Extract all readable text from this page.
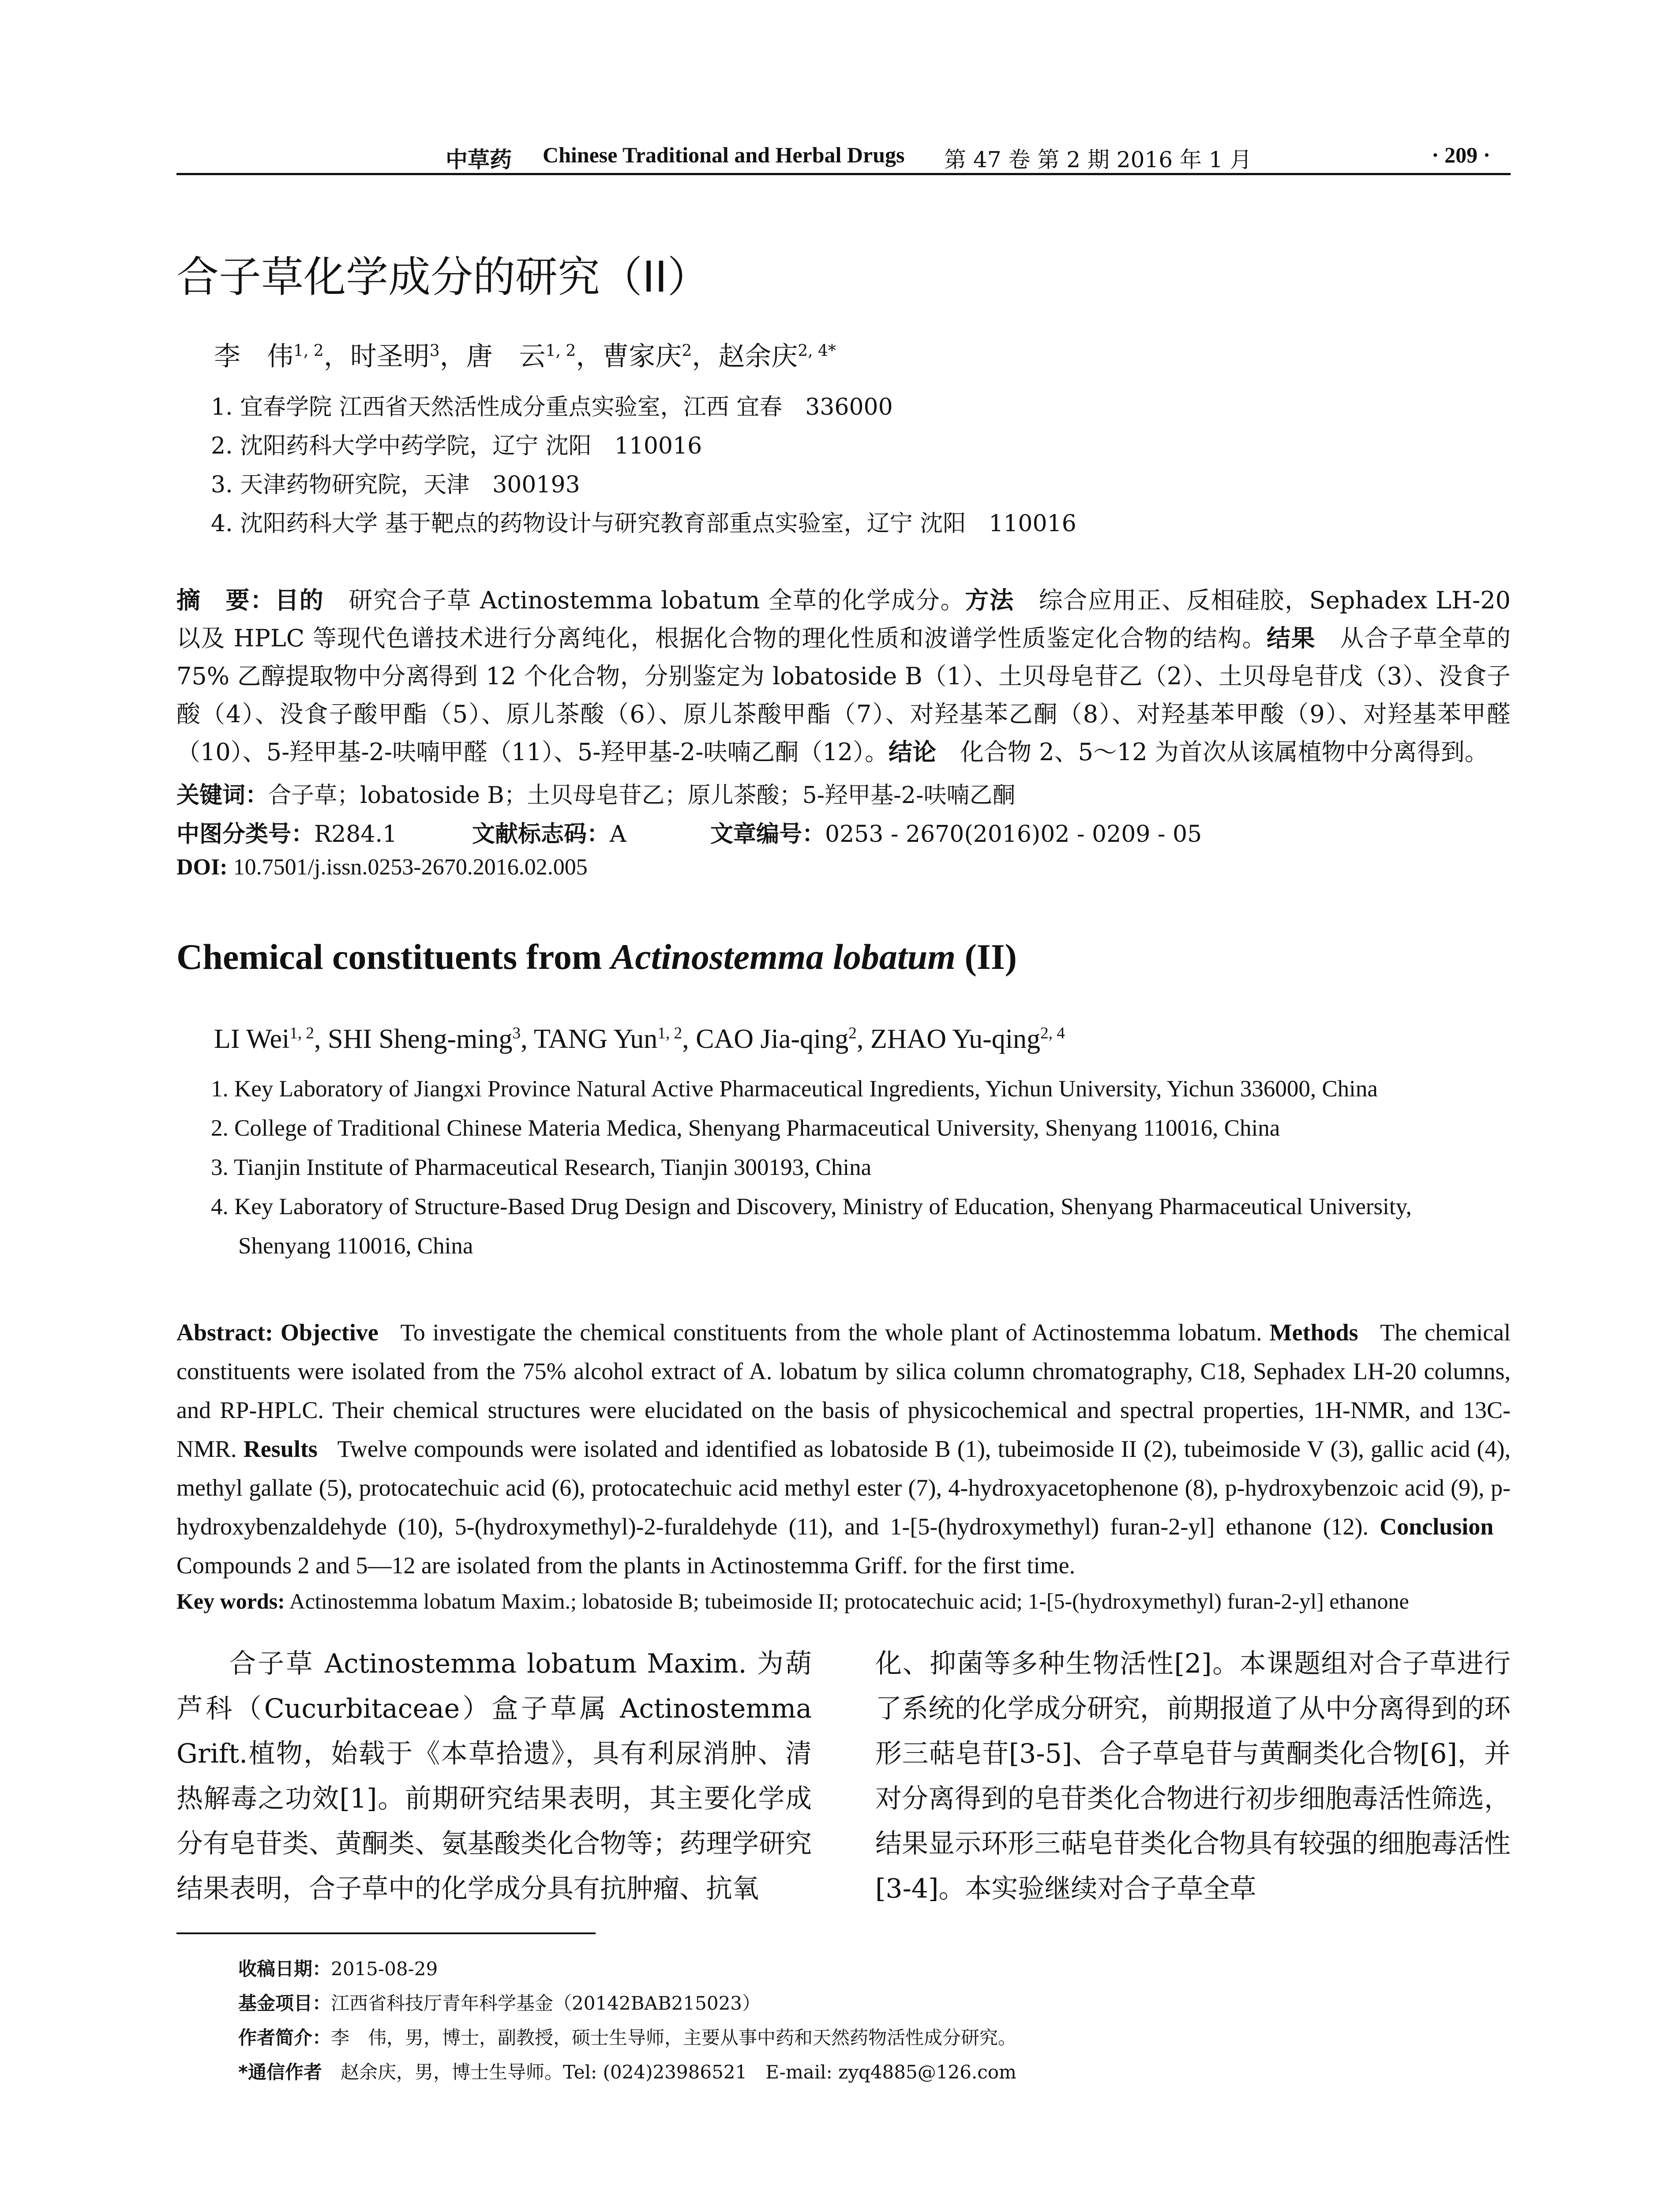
中草药 Chinese Traditional and Herbal Drugs 第 47 卷 第 2 期 2016 年 1 月	· 209 ·
合子草化学成分的研究（II）
李　伟$^{1, 2}$，时圣明$^3$，唐　云$^{1, 2}$，曹家庆$^2$，赵余庆$^{2, 4*}$
1. 宜春学院 江西省天然活性成分重点实验室，江西 宜春　336000
2. 沈阳药科大学中药学院，辽宁 沈阳　110016
3. 天津药物研究院，天津　300193
4. 沈阳药科大学 基于靶点的药物设计与研究教育部重点实验室，辽宁 沈阳　110016
摘　要：目的　 研究合子草 Actinostemma lobatum 全草的化学成分。方法　 综合应用正、反相硅胶，Sephadex LH-20 以及 HPLC 等现代色谱技术进行分离纯化，根据化合物的理化性质和波谱学性质鉴定化合物的结构。结果　 从合子草全草的 75% 乙醇提取物中分离得到 12 个化合物，分别鉴定为 lobatoside B（1）、土贝母皂苷乙（2）、土贝母皂苷戊（3）、没食子酸（4）、没食子酸甲酯（5）、原儿茶酸（6）、原儿茶酸甲酯（7）、对羟基苯乙酮（8）、对羟基苯甲酸（9）、对羟基苯甲醛（10）、5-羟甲基-2-呋喃甲醛（11）、5-羟甲基-2-呋喃乙酮（12）。结论　 化合物 2、5～12 为首次从该属植物中分离得到。
关键词：合子草；lobatoside B；土贝母皂苷乙；原儿茶酸；5-羟甲基-2-呋喃乙酮
中图分类号：R284.1	文献标志码：A	文章编号：0253 - 2670(2016)02 - 0209 - 05
DOI: 10.7501/j.issn.0253-2670.2016.02.005
Chemical constituents from Actinostemma lobatum (II)
LI Wei$^{1, 2}$, SHI Sheng-ming$^3$, TANG Yun$^{1, 2}$, CAO Jia-qing$^2$, ZHAO Yu-qing$^{2, 4}$
1. Key Laboratory of Jiangxi Province Natural Active Pharmaceutical Ingredients, Yichun University, Yichun 336000, China
2. College of Traditional Chinese Materia Medica, Shenyang Pharmaceutical University, Shenyang 110016, China
3. Tianjin Institute of Pharmaceutical Research, Tianjin 300193, China
4. Key Laboratory of Structure-Based Drug Design and Discovery, Ministry of Education, Shenyang Pharmaceutical University,
Shenyang 110016, China
Abstract: Objective To investigate the chemical constituents from the whole plant of Actinostemma lobatum. Methods The chemical constituents were isolated from the 75% alcohol extract of A. lobatum by silica column chromatography, C18, Sephadex LH-20 columns, and RP-HPLC. Their chemical structures were elucidated on the basis of physicochemical and spectral properties, 1H-NMR, and 13C-NMR. Results Twelve compounds were isolated and identified as lobatoside B (1), tubeimoside II (2), tubeimoside V (3), gallic acid (4), methyl gallate (5), protocatechuic acid (6), protocatechuic acid methyl ester (7), 4-hydroxyacetophenone (8), p-hydroxybenzoic acid (9), p-hydroxybenzaldehyde (10), 5-(hydroxymethyl)-2-furaldehyde (11), and 1-[5-(hydroxymethyl) furan-2-yl] ethanone (12). Conclusion   Compounds 2 and 5—12 are isolated from the plants in Actinostemma Griff. for the first time.
Key words: Actinostemma lobatum Maxim.; lobatoside B; tubeimoside II; protocatechuic acid; 1-[5-(hydroxymethyl) furan-2-yl] ethanone
合子草 Actinostemma lobatum Maxim. 为葫芦科（Cucurbitaceae）盒子草属 Actinostemma Grift.植物，始载于《本草拾遗》，具有利尿消肿、清热解毒之功效[1]。前期研究结果表明，其主要化学成分有皂苷类、黄酮类、氨基酸类化合物等；药理学研究结果表明，合子草中的化学成分具有抗肿瘤、抗氧
化、抑菌等多种生物活性[2]。本课题组对合子草进行了系统的化学成分研究，前期报道了从中分离得到的环形三萜皂苷[3-5]、合子草皂苷与黄酮类化合物[6]，并对分离得到的皂苷类化合物进行初步细胞毒活性筛选，结果显示环形三萜皂苷类化合物具有较强的细胞毒活性[3-4]。本实验继续对合子草全草
收稿日期：2015-08-29
基金项目：江西省科技厅青年科学基金（20142BAB215023）
作者简介：李　伟，男，博士，副教授，硕士生导师，主要从事中药和天然药物活性成分研究。
*通信作者　 赵余庆，男，博士生导师。Tel: (024)23986521　E-mail: zyq4885@126.com
